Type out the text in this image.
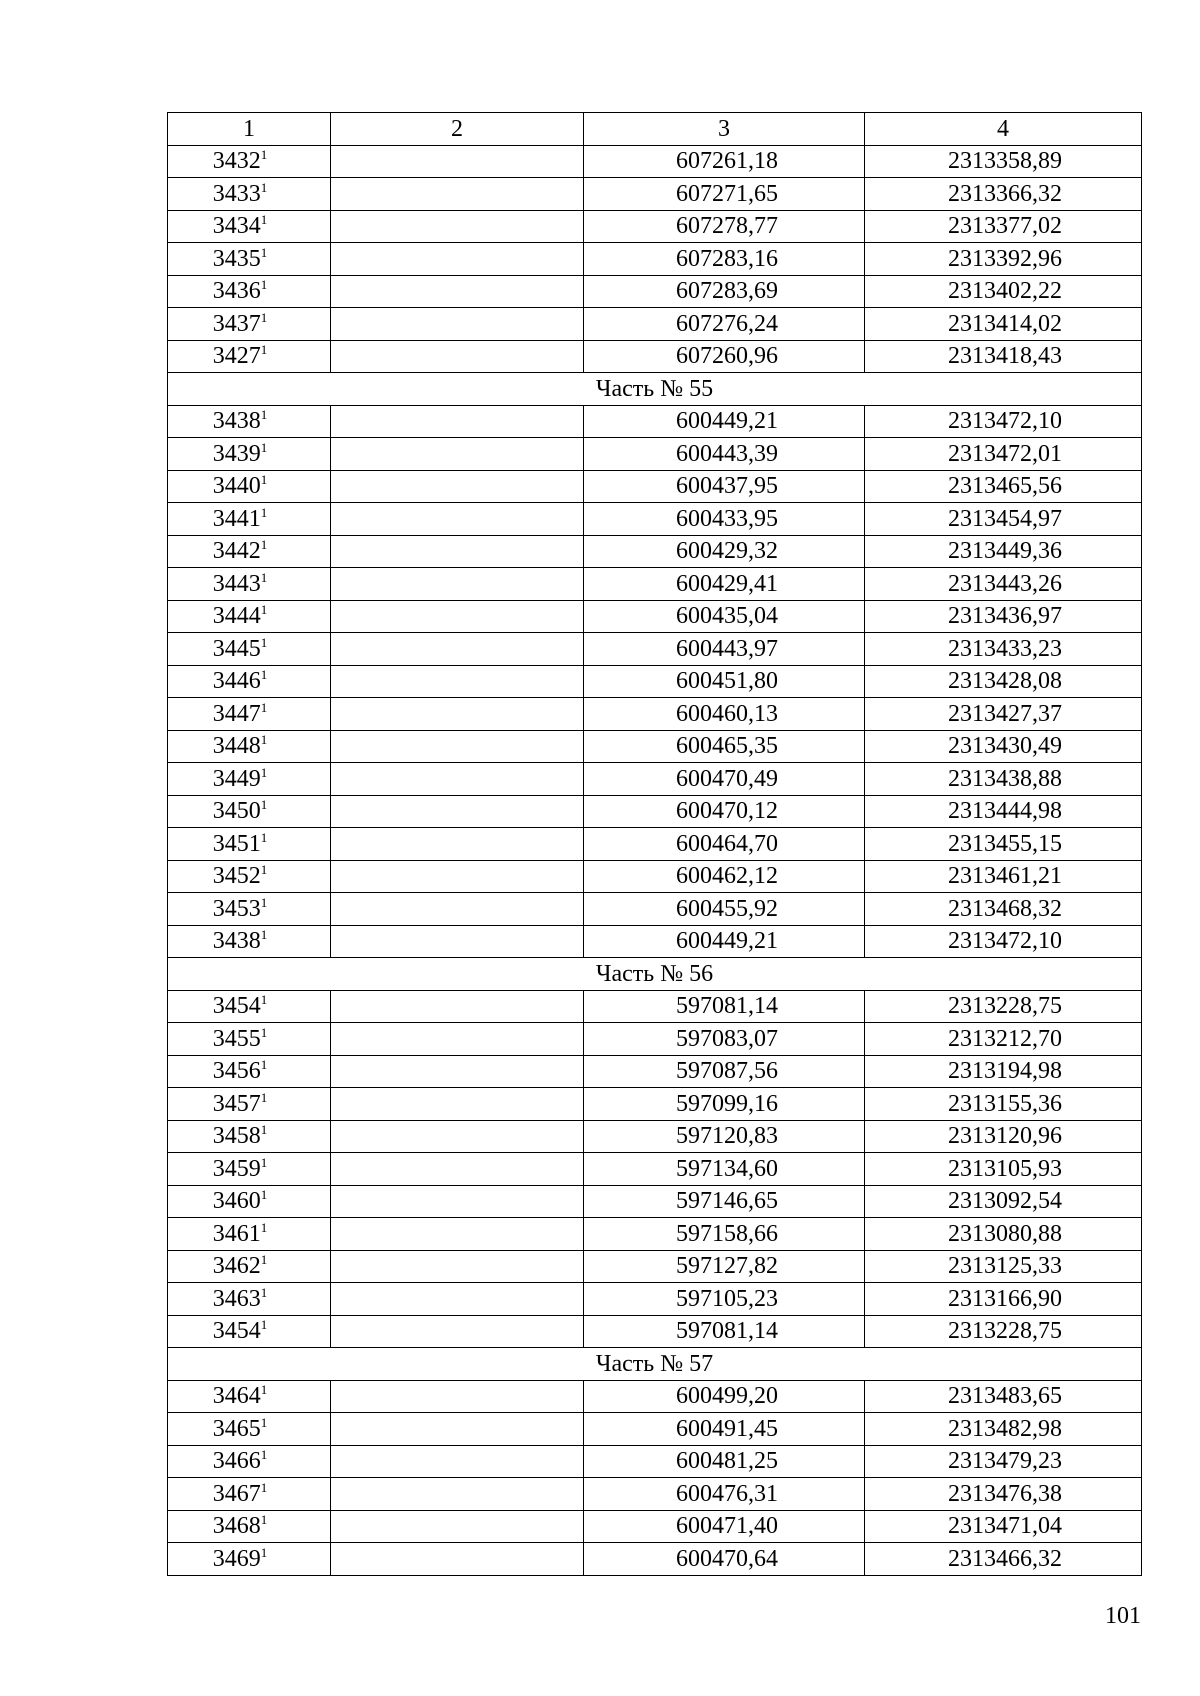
1	2	3	4
3432$^1$		607261,18	2313358,89
3433$^1$		607271,65	2313366,32
3434$^1$		607278,77	2313377,02
3435$^1$		607283,16	2313392,96
3436$^1$		607283,69	2313402,22
3437$^1$		607276,24	2313414,02
3427$^1$		607260,96	2313418,43
Часть № 55			
3438$^1$		600449,21	2313472,10
3439$^1$		600443,39	2313472,01
3440$^1$		600437,95	2313465,56
3441$^1$		600433,95	2313454,97
3442$^1$		600429,32	2313449,36
3443$^1$		600429,41	2313443,26
3444$^1$		600435,04	2313436,97
3445$^1$		600443,97	2313433,23
3446$^1$		600451,80	2313428,08
3447$^1$		600460,13	2313427,37
3448$^1$		600465,35	2313430,49
3449$^1$		600470,49	2313438,88
3450$^1$		600470,12	2313444,98
3451$^1$		600464,70	2313455,15
3452$^1$		600462,12	2313461,21
3453$^1$		600455,92	2313468,32
3438$^1$		600449,21	2313472,10
Часть № 56			
3454$^1$		597081,14	2313228,75
3455$^1$		597083,07	2313212,70
3456$^1$		597087,56	2313194,98
3457$^1$		597099,16	2313155,36
3458$^1$		597120,83	2313120,96
3459$^1$		597134,60	2313105,93
3460$^1$		597146,65	2313092,54
3461$^1$		597158,66	2313080,88
3462$^1$		597127,82	2313125,33
3463$^1$		597105,23	2313166,90
3454$^1$		597081,14	2313228,75
Часть № 57			
3464$^1$		600499,20	2313483,65
3465$^1$		600491,45	2313482,98
3466$^1$		600481,25	2313479,23
3467$^1$		600476,31	2313476,38
3468$^1$		600471,40	2313471,04
3469$^1$		600470,64	2313466,32
101
